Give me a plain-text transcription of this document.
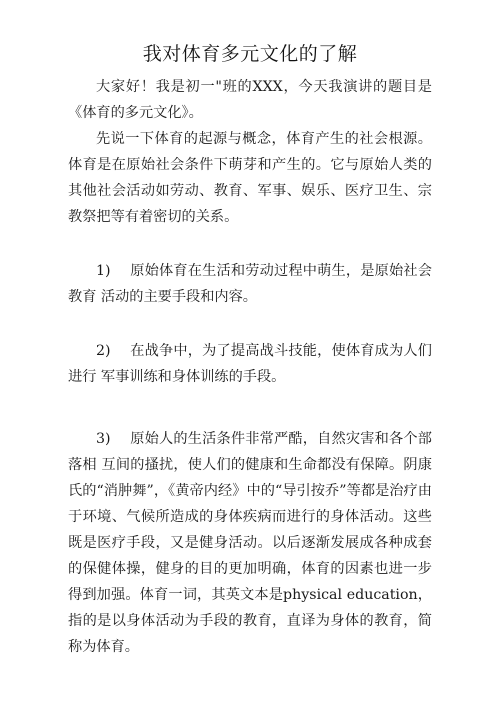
我对体育多元文化的了解

大家好！我是初一"班的XXX，今天我演讲的题目是 《体育的多元文化》。

先说一下体育的起源与概念，体育产生的社会根源。体育是在原始社会条件下萌芽和产生的。它与原始人类的其他社会活动如劳动、教育、军事、娱乐、医疗卫生、宗教祭把等有着密切的关系。

1) 原始体育在生活和劳动过程中萌生，是原始社会教育 活动的主要手段和内容。

2) 在战争中，为了提高战斗技能，使体育成为人们进行 军事训练和身体训练的手段。

3) 原始人的生活条件非常严酷，自然灾害和各个部落相 互间的搔扰，使人们的健康和生命都没有保障。阴康氏的“消肿舞”，《黄帝内经》中的“导引按乔”等都是治疗由于环境、气候所造成的身体疾病而进行的身体活动。这些既是医疗手段，又是健身活动。以后逐渐发展成各种成套的保健体操，健身的目的更加明确，体育的因素也进一步得到加强。体育一词，其英文本是physical education，指的是以身体活动为手段的教育，直译为身体的教育，简称为体育。
